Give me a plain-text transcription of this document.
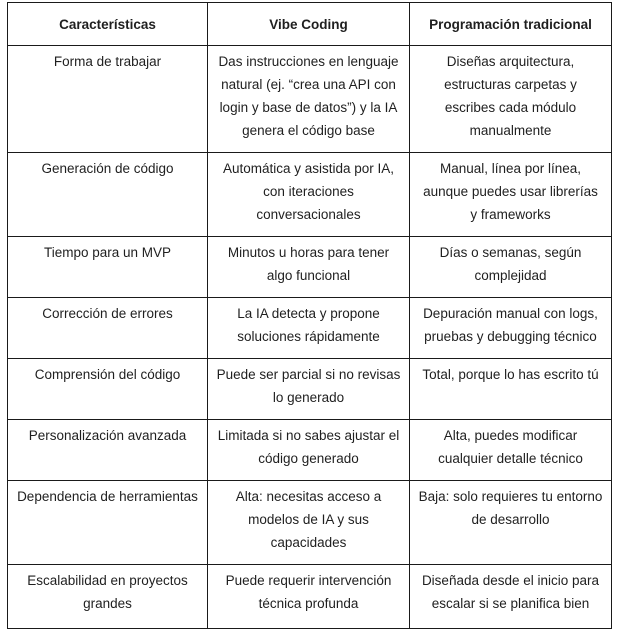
Características	Vibe Coding	Programación tradicional
Forma de trabajar	Das instrucciones en lenguaje natural (ej. “crea una API con login y base de datos”) y la IA genera el código base	Diseñas arquitectura, estructuras carpetas y escribes cada módulo manualmente
Generación de código	Automática y asistida por IA, con iteraciones conversacionales	Manual, línea por línea, aunque puedes usar librerías y frameworks
Tiempo para un MVP	Minutos u horas para tener algo funcional	Días o semanas, según complejidad
Corrección de errores	La IA detecta y propone soluciones rápidamente	Depuración manual con logs, pruebas y debugging técnico
Comprensión del código	Puede ser parcial si no revisas lo generado	Total, porque lo has escrito tú
Personalización avanzada	Limitada si no sabes ajustar el código generado	Alta, puedes modificar cualquier detalle técnico
Dependencia de herramientas	Alta: necesitas acceso a modelos de IA y sus capacidades	Baja: solo requieres tu entorno de desarrollo
Escalabilidad en proyectos grandes	Puede requerir intervención técnica profunda	Diseñada desde el inicio para escalar si se planifica bien
